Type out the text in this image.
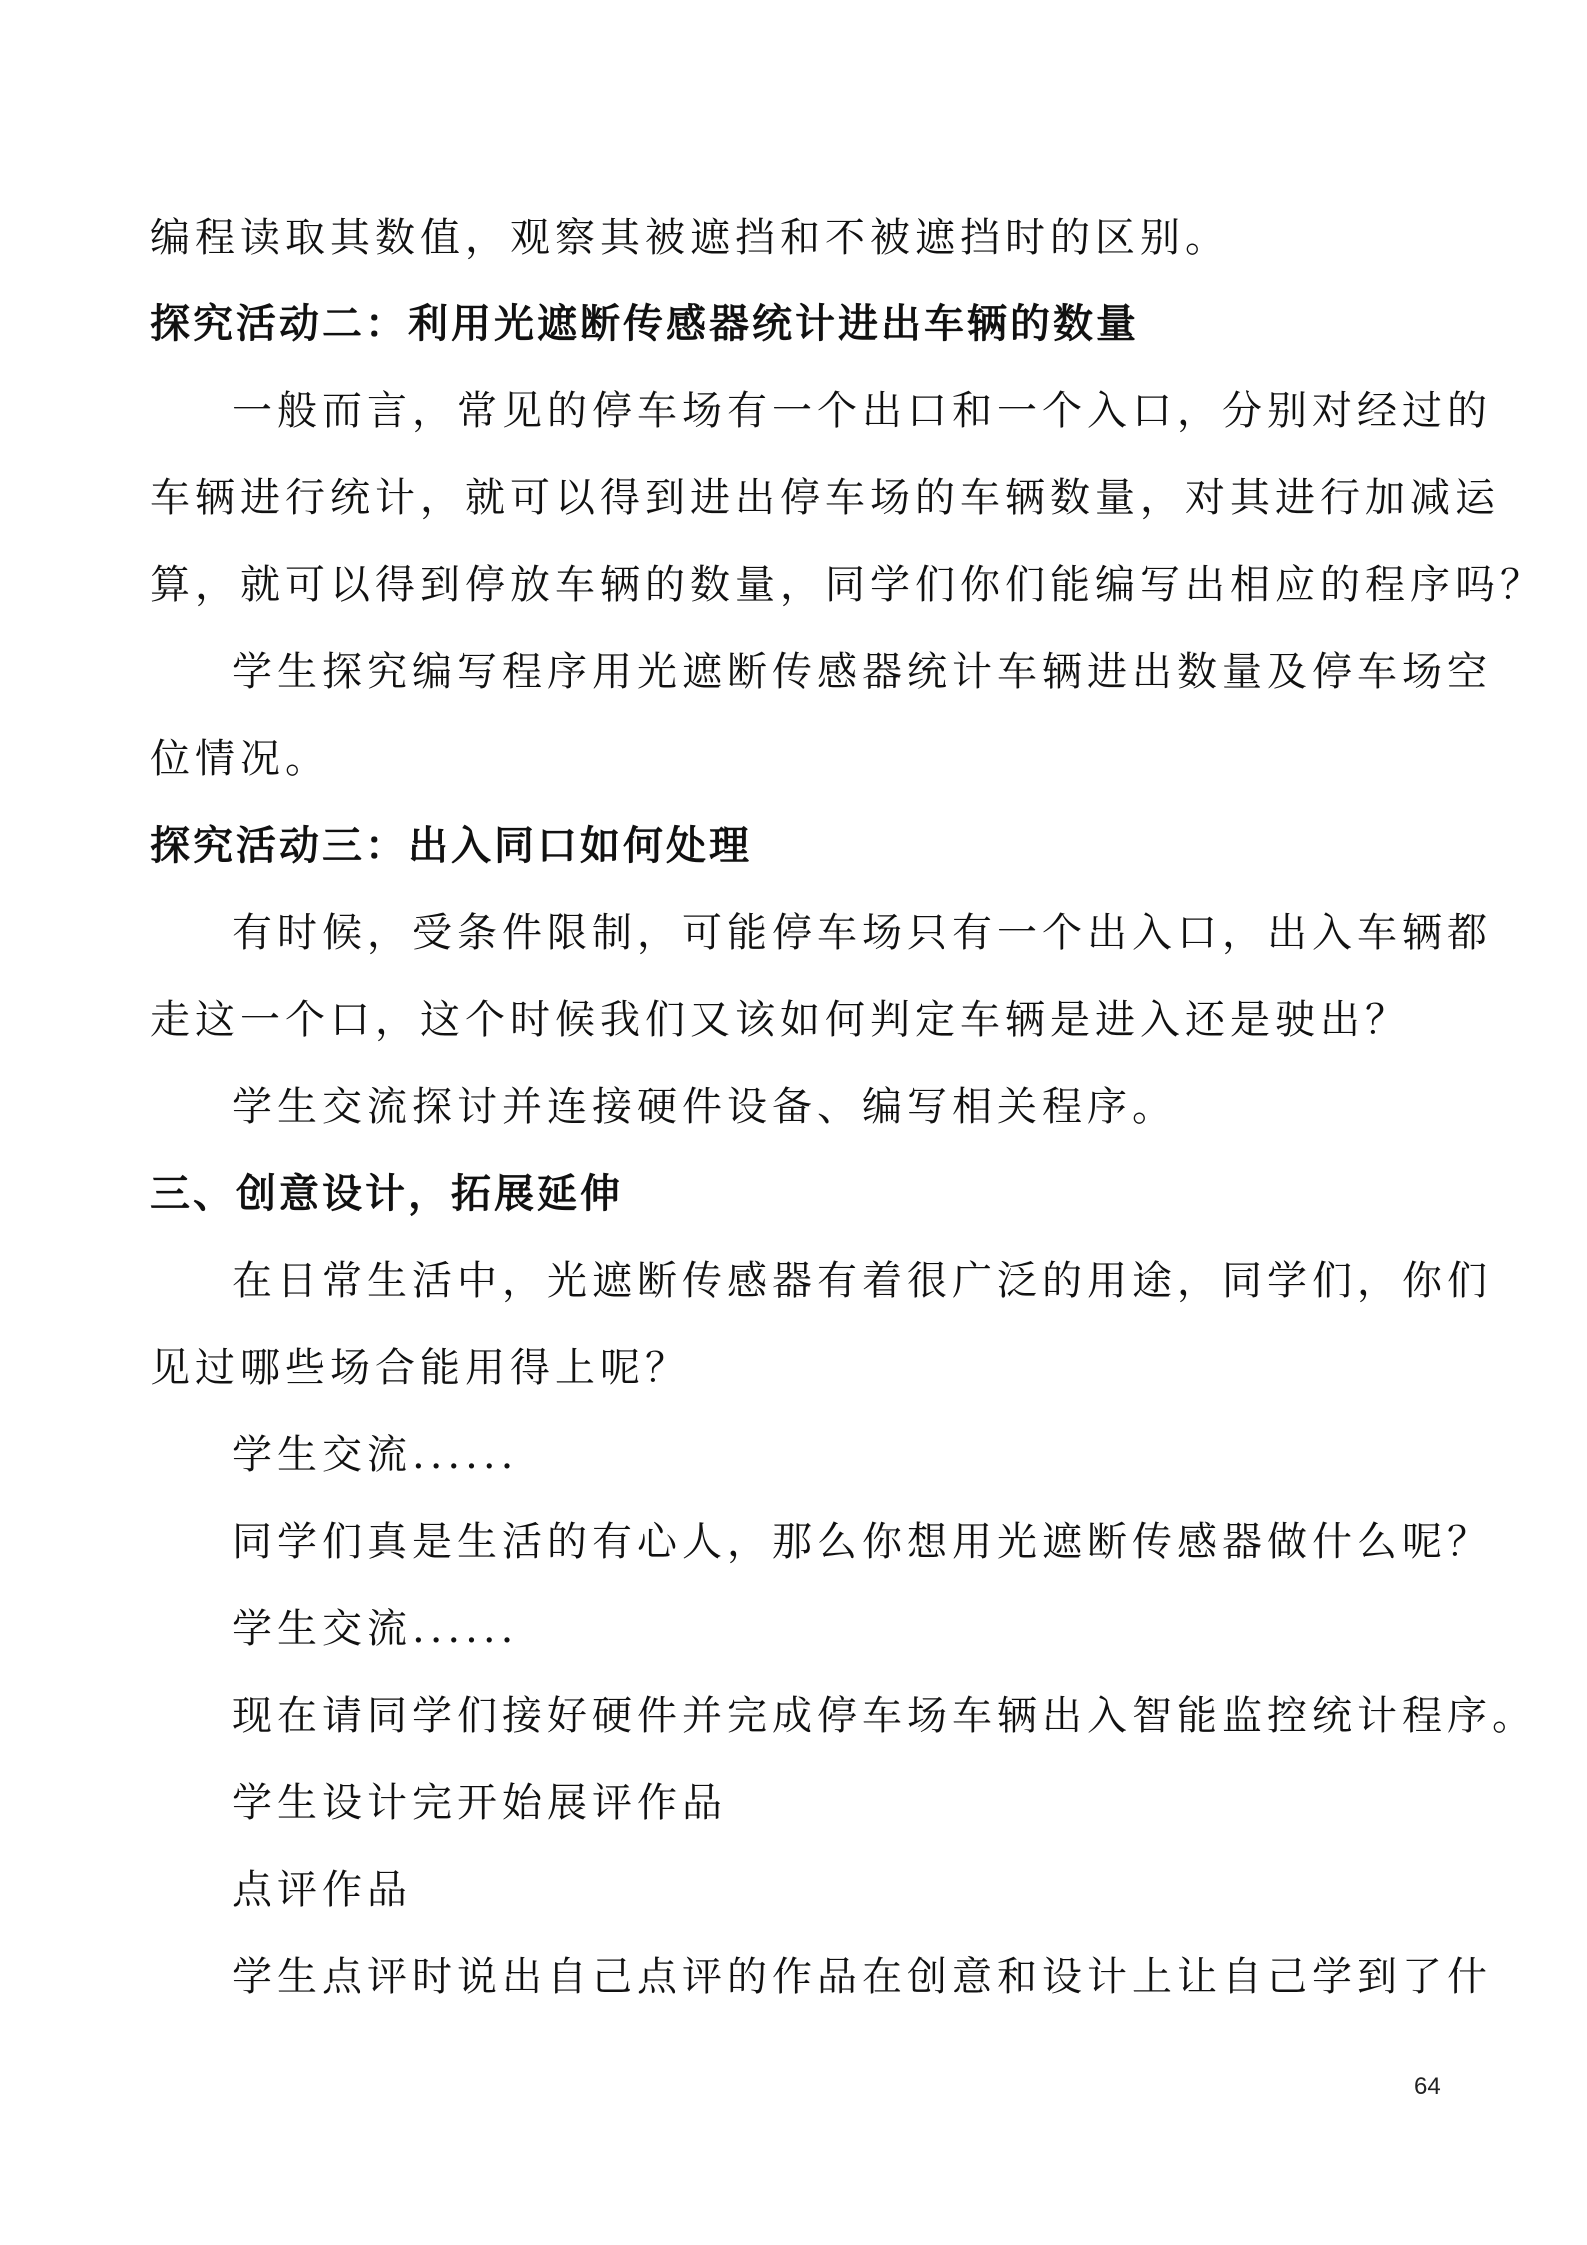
编程读取其数值，观察其被遮挡和不被遮挡时的区别。
探究活动二：利用光遮断传感器统计进出车辆的数量
一般而言，常见的停车场有一个出口和一个入口，分别对经过的
车辆进行统计，就可以得到进出停车场的车辆数量，对其进行加减运
算，就可以得到停放车辆的数量，同学们你们能编写出相应的程序吗？
学生探究编写程序用光遮断传感器统计车辆进出数量及停车场空
位情况。
探究活动三：出入同口如何处理
有时候，受条件限制，可能停车场只有一个出入口，出入车辆都
走这一个口，这个时候我们又该如何判定车辆是进入还是驶出？
学生交流探讨并连接硬件设备、编写相关程序。
三、创意设计，拓展延伸
在日常生活中，光遮断传感器有着很广泛的用途，同学们，你们
见过哪些场合能用得上呢？
学生交流......
同学们真是生活的有心人，那么你想用光遮断传感器做什么呢？
学生交流......
现在请同学们接好硬件并完成停车场车辆出入智能监控统计程序。
学生设计完开始展评作品
点评作品
学生点评时说出自己点评的作品在创意和设计上让自己学到了什
64
